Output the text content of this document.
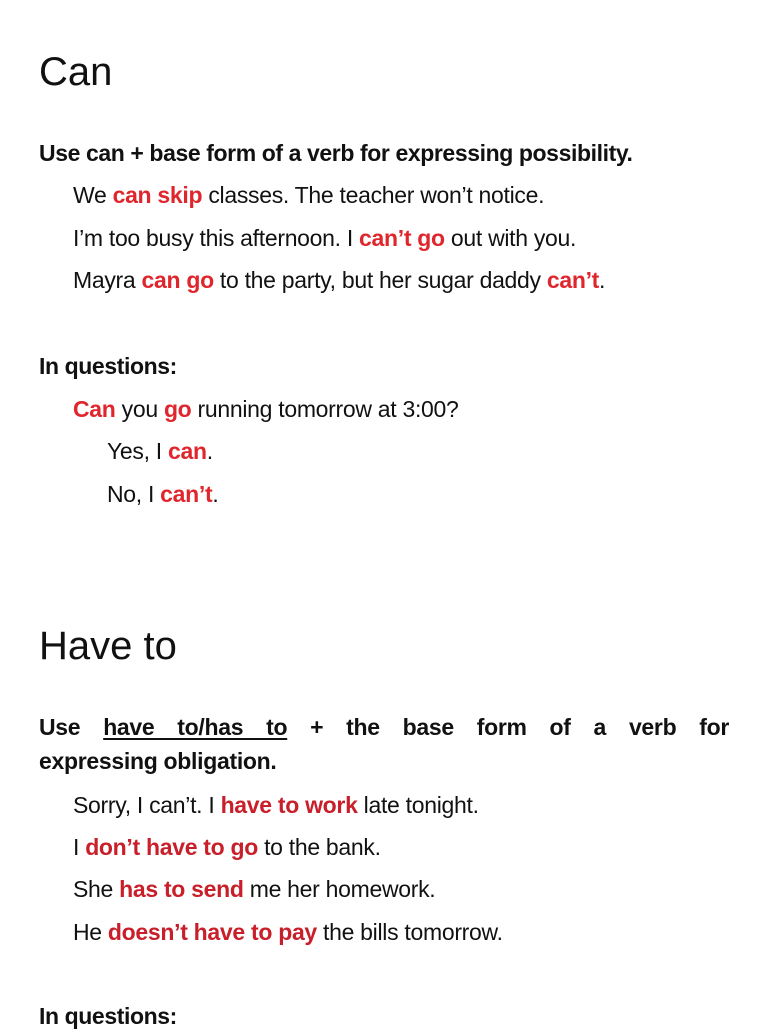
Can
Use can + base form of a verb for expressing possibility.
We can skip classes. The teacher won’t notice.
I’m too busy this afternoon. I can’t go out with you.
Mayra can go to the party, but her sugar daddy can’t.
In questions:
Can you go running tomorrow at 3:00?
Yes, I can.
No, I can’t.
Have to
Use have to/has to + the base form of a verb for
expressing obligation.
Sorry, I can’t. I have to work late tonight.
I don’t have to go to the bank.
She has to send me her homework.
He doesn’t have to pay the bills tomorrow.
In questions:
